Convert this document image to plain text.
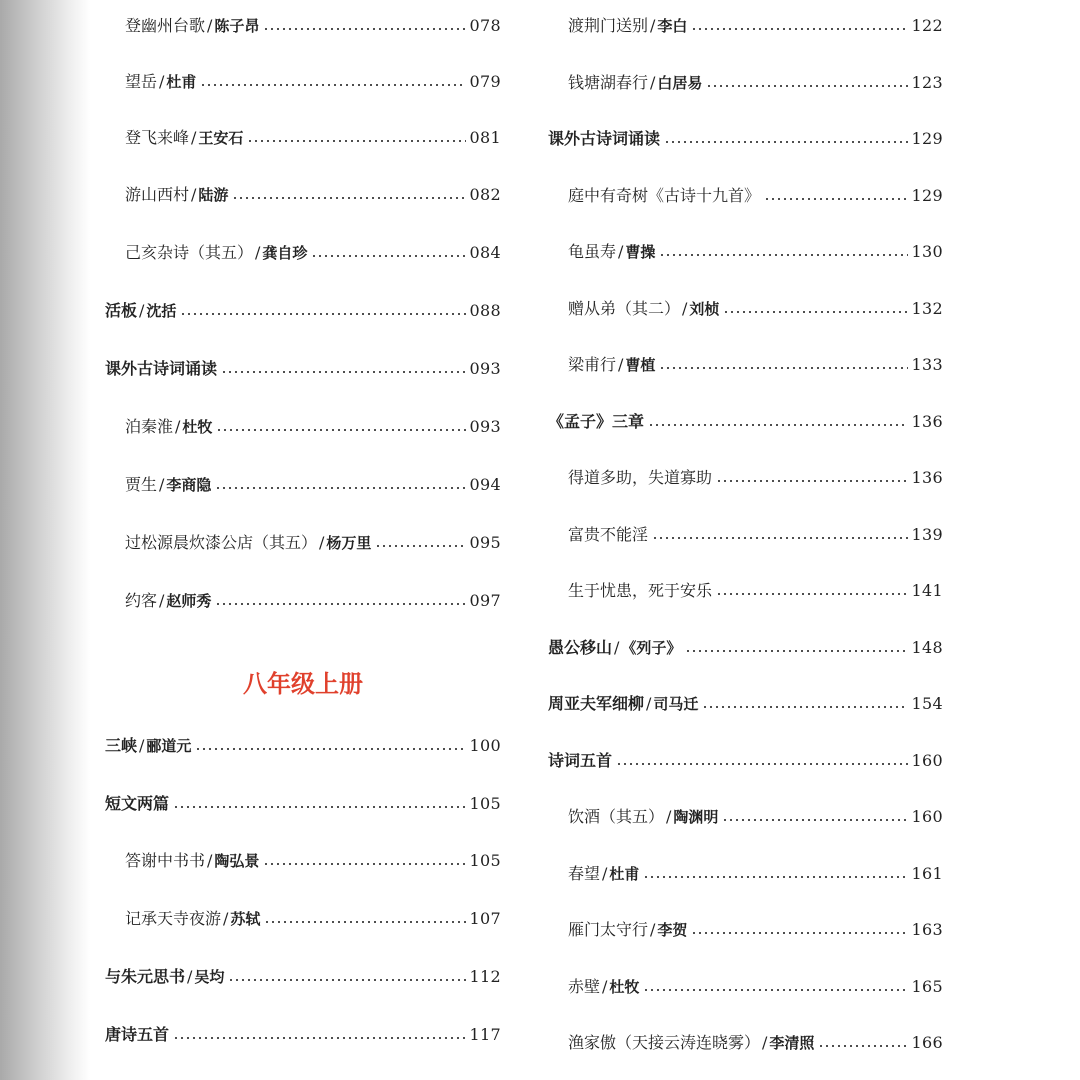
登幽州台歌 / 陈子昂	078
望岳 / 杜甫	079
登飞来峰 / 王安石	081
游山西村 / 陆游	082
己亥杂诗（其五） / 龚自珍	084
活板 / 沈括	088
课外古诗词诵读	093
泊秦淮 / 杜牧	093
贾生 / 李商隐	094
过松源晨炊漆公店（其五） / 杨万里	095
约客 / 赵师秀	097
三峡 / 郦道元	100
短文两篇	105
答谢中书书 / 陶弘景	105
记承天寺夜游 / 苏轼	107
与朱元思书 / 吴均	112
唐诗五首	117
八年级上册
渡荆门送别 / 李白	122
钱塘湖春行 / 白居易	123
课外古诗词诵读	129
庭中有奇树《古诗十九首》	129
龟虽寿 / 曹操	130
赠从弟（其二） / 刘桢	132
梁甫行 / 曹植	133
《孟子》三章	136
得道多助，失道寡助	136
富贵不能淫	139
生于忧患，死于安乐	141
愚公移山 / 《列子》	148
周亚夫军细柳 / 司马迁	154
诗词五首	160
饮酒（其五） / 陶渊明	160
春望 / 杜甫	161
雁门太守行 / 李贺	163
赤壁 / 杜牧	165
渔家傲（天接云涛连晓雾） / 李清照	166
